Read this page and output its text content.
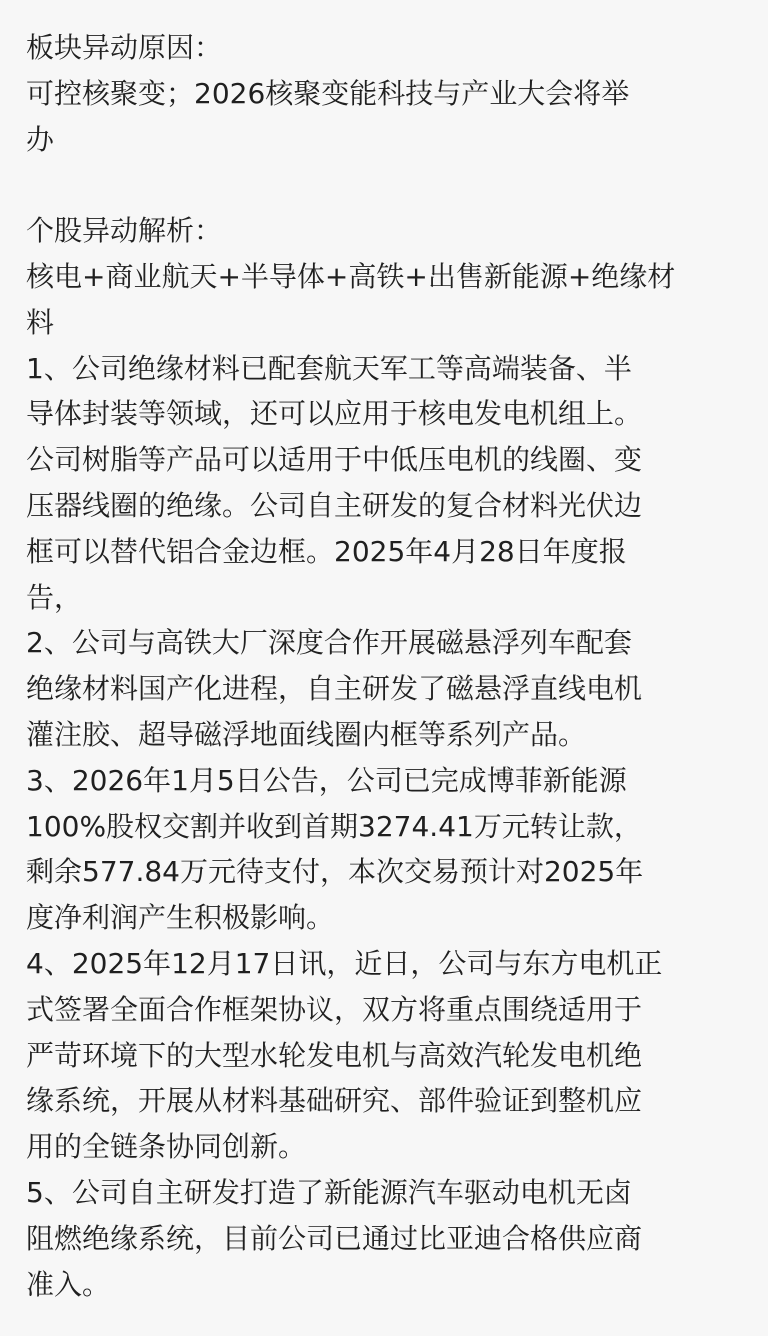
板块异动原因：
可控核聚变；2026核聚变能科技与产业大会将举
办
个股异动解析：
核电+商业航天+半导体+高铁+出售新能源+绝缘材
料
1、公司绝缘材料已配套航天军工等高端装备、半
导体封装等领域，还可以应用于核电发电机组上。
公司树脂等产品可以适用于中低压电机的线圈、变
压器线圈的绝缘。公司自主研发的复合材料光伏边
框可以替代铝合金边框。2025年4月28日年度报
告，
2、公司与高铁大厂深度合作开展磁悬浮列车配套
绝缘材料国产化进程，自主研发了磁悬浮直线电机
灌注胶、超导磁浮地面线圈内框等系列产品。
3、2026年1月5日公告，公司已完成博菲新能源
100%股权交割并收到首期3274.41万元转让款，
剩余577.84万元待支付，本次交易预计对2025年
度净利润产生积极影响。
4、2025年12月17日讯，近日，公司与东方电机正
式签署全面合作框架协议，双方将重点围绕适用于
严苛环境下的大型水轮发电机与高效汽轮发电机绝
缘系统，开展从材料基础研究、部件验证到整机应
用的全链条协同创新。
5、公司自主研发打造了新能源汽车驱动电机无卤
阻燃绝缘系统，目前公司已通过比亚迪合格供应商
准入。
